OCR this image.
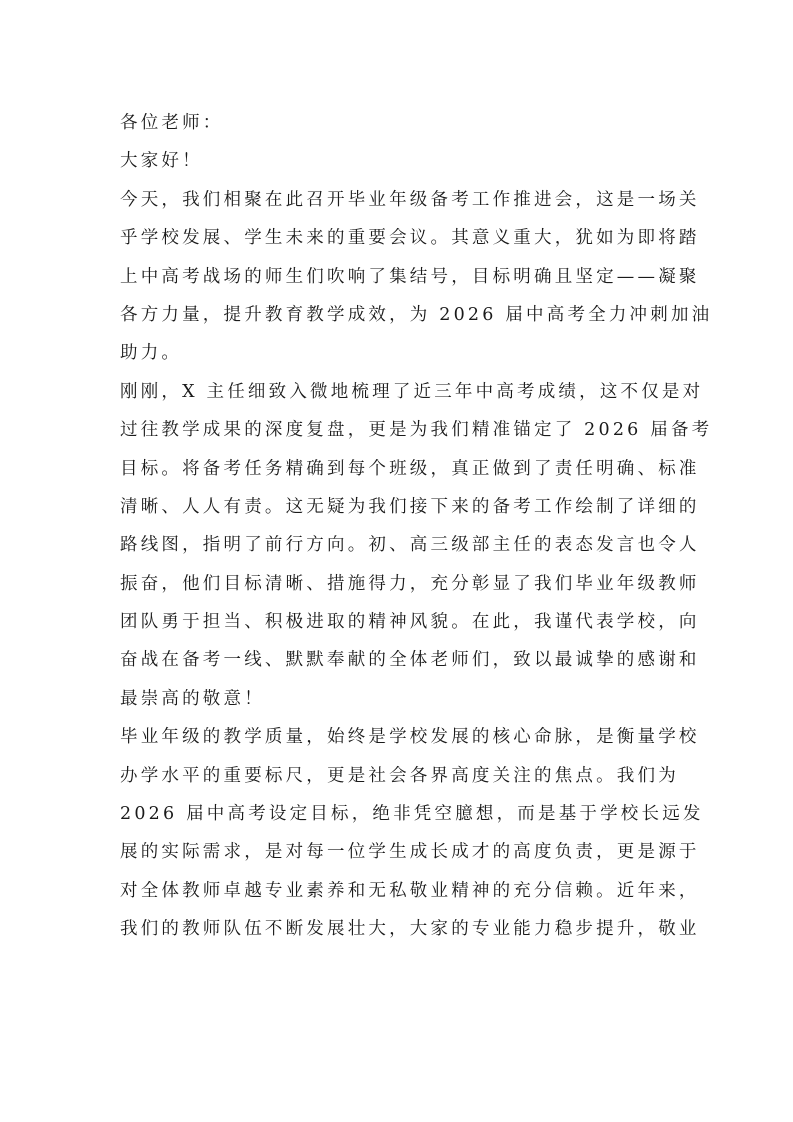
各位老师：
大家好！
今天，我们相聚在此召开毕业年级备考工作推进会，这是一场关
乎学校发展、学生未来的重要会议。其意义重大，犹如为即将踏
上中高考战场的师生们吹响了集结号，目标明确且坚定——凝聚
各方力量，提升教育教学成效，为 2026 届中高考全力冲刺加油
助力。
刚刚，X 主任细致入微地梳理了近三年中高考成绩，这不仅是对
过往教学成果的深度复盘，更是为我们精准锚定了 2026 届备考
目标。将备考任务精确到每个班级，真正做到了责任明确、标准
清晰、人人有责。这无疑为我们接下来的备考工作绘制了详细的
路线图，指明了前行方向。初、高三级部主任的表态发言也令人
振奋，他们目标清晰、措施得力，充分彰显了我们毕业年级教师
团队勇于担当、积极进取的精神风貌。在此，我谨代表学校，向
奋战在备考一线、默默奉献的全体老师们，致以最诚挚的感谢和
最崇高的敬意！
毕业年级的教学质量，始终是学校发展的核心命脉，是衡量学校
办学水平的重要标尺，更是社会各界高度关注的焦点。我们为
2026 届中高考设定目标，绝非凭空臆想，而是基于学校长远发
展的实际需求，是对每一位学生成长成才的高度负责，更是源于
对全体教师卓越专业素养和无私敬业精神的充分信赖。近年来，
我们的教师队伍不断发展壮大，大家的专业能力稳步提升，敬业
